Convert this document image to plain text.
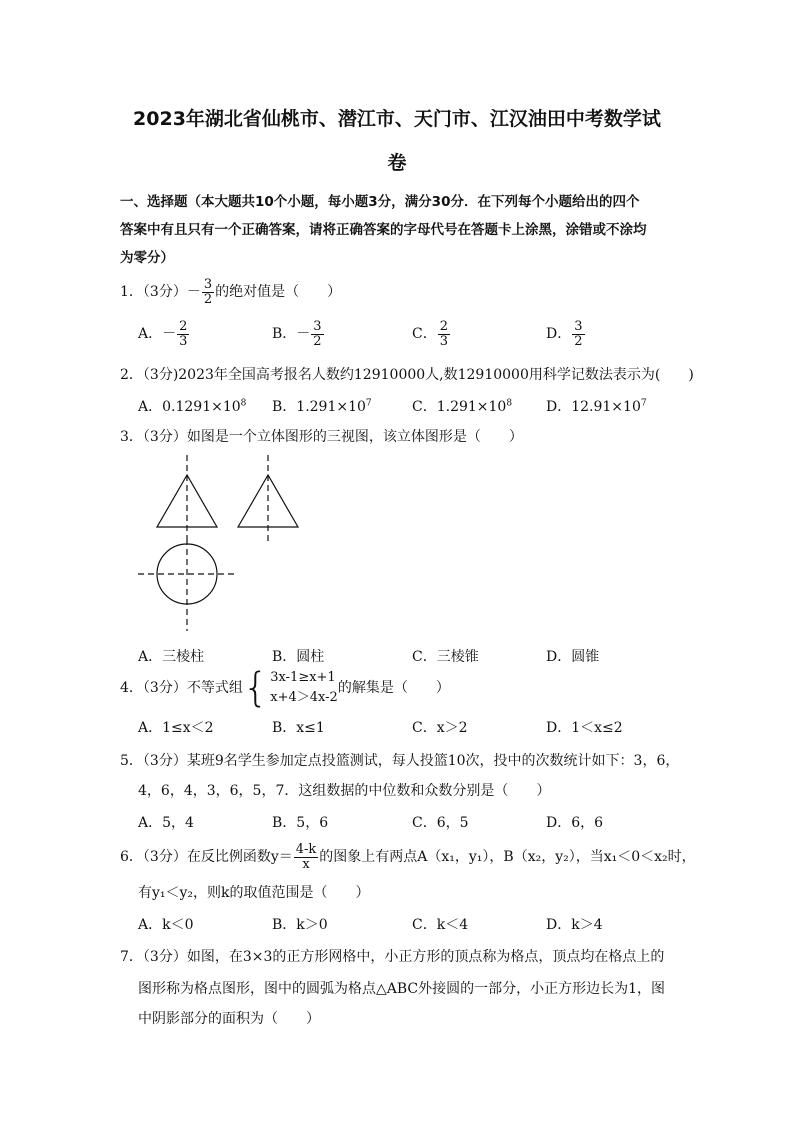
2023年湖北省仙桃市、潜江市、天门市、江汉油田中考数学试
卷
一、选择题（本大题共10个小题，每小题3分，满分30分．在下列每个小题给出的四个
答案中有且只有一个正确答案，请将正确答案的字母代号在答题卡上涂黑，涂错或不涂均
为零分）
1．（3分）－ $\frac{3}{2}$ 的绝对值是（　　）
A．－ $\frac{2}{3}$	B．－ $\frac{3}{2}$	C． $\frac{2}{3}$	D． $\frac{3}{2}$
2．（3分)2023年全国高考报名人数约12910000人,数12910000用科学记数法表示为(　　)
A．$0.1291\times 10^8$ B．$1.291\times 10^7$	C．$1.291\times 10^8$ D．$12.91\times 10^7$
3．（3分）如图是一个立体图形的三视图，该立体图形是（　　）
A．三棱柱	B．圆柱	C．三棱锥	D．圆锥
4．（3分）不等式组 { 3x-1≥x+1
x+4＞4x-2
的解集是（　　）
A．1≤x＜2	B．x≤1	C．x＞2	D．1＜x≤2
5．（3分）某班9名学生参加定点投篮测试，每人投篮10次，投中的次数统计如下：3，6，
4，6，4，3，6，5，7．这组数据的中位数和众数分别是（　　）
A．5，4	B．5，6	C．6，5	D．6，6
6．（3分）在反比例函数$y= \frac{4-k}{x}$ 的图象上有两点A（x₁，y₁），B（x₂，y₂），当x₁＜0＜x₂时，
有y₁＜y₂，则k的取值范围是（　　）
A．k＜0	B．k＞0	C．k＜4	D．k＞4
7．（3分）如图，在3×3的正方形网格中，小正方形的顶点称为格点，顶点均在格点上的
图形称为格点图形，图中的圆弧为格点△ABC外接圆的一部分，小正方形边长为1，图
中阴影部分的面积为（　　）
